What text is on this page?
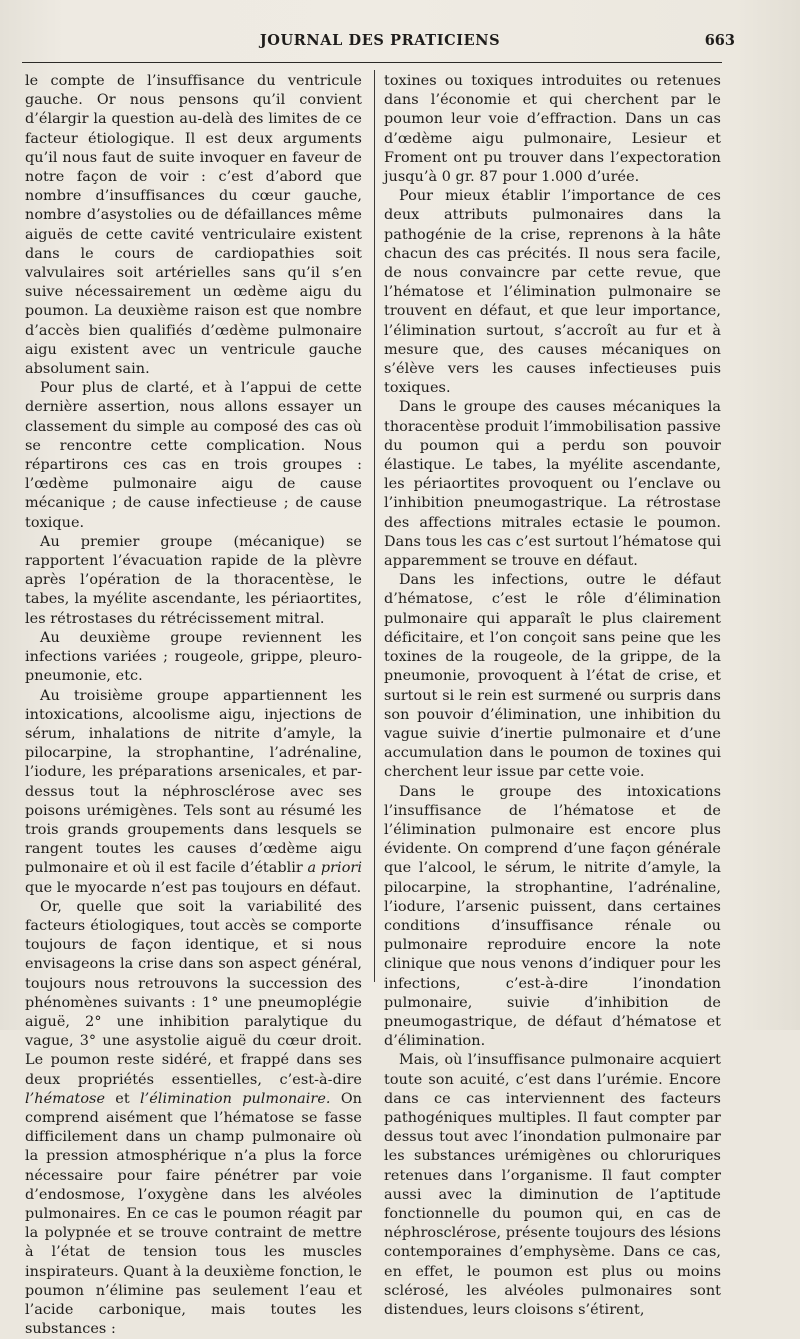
JOURNAL DES PRATICIENS	663

le compte de l’insuffisance du ventricule gauche. Or nous pensons qu’il convient d’élargir la question au-delà des limites de ce facteur étiologique. Il est deux arguments qu’il nous faut de suite invoquer en faveur de notre façon de voir : c’est d’abord que nombre d’insuffisances du cœur gauche, nombre d’asystolies ou de défaillances même aiguës de cette cavité ventriculaire existent dans le cours de cardiopathies soit valvulaires soit artérielles sans qu’il s’en suive nécessairement un œdème aigu du poumon. La deuxième raison est que nombre d’accès bien qualifiés d’œdème pulmonaire aigu existent avec un ventricule gauche absolument sain.

Pour plus de clarté, et à l’appui de cette dernière assertion, nous allons essayer un classement du simple au composé des cas où se rencontre cette complication. Nous répartirons ces cas en trois groupes : l’œdème pulmonaire aigu de cause mécanique ; de cause infectieuse ; de cause toxique.

Au premier groupe (mécanique) se rapportent l’évacuation rapide de la plèvre après l’opération de la thoracentèse, le tabes, la myélite ascendante, les périaortites, les rétrostases du rétrécissement mitral.

Au deuxième groupe reviennent les infections variées ; rougeole, grippe, pleuro-pneumonie, etc.

Au troisième groupe appartiennent les intoxications, alcoolisme aigu, injections de sérum, inhalations de nitrite d’amyle, la pilocarpine, la strophantine, l’adrénaline, l’iodure, les préparations arsenicales, et par-dessus tout la néphrosclérose avec ses poisons urémigènes. Tels sont au résumé les trois grands groupements dans lesquels se rangent toutes les causes d’œdème aigu pulmonaire et où il est facile d’établir a priori que le myocarde n’est pas toujours en défaut.

Or, quelle que soit la variabilité des facteurs étiologiques, tout accès se comporte toujours de façon identique, et si nous envisageons la crise dans son aspect général, toujours nous retrouvons la succession des phénomènes suivants : 1° une pneumoplégie aiguë, 2° une inhibition paralytique du vague, 3° une asystolie aiguë du cœur droit. Le poumon reste sidéré, et frappé dans ses deux propriétés essentielles, c’est-à-dire l’hématose et l’élimination pulmonaire. On comprend aisément que l’hématose se fasse difficilement dans un champ pulmonaire où la pression atmosphérique n’a plus la force nécessaire pour faire pénétrer par voie d’endosmose, l’oxygène dans les alvéoles pulmonaires. En ce cas le poumon réagit par la polypnée et se trouve contraint de mettre à l’état de tension tous les muscles inspirateurs. Quant à la deuxième fonction, le poumon n’élimine pas seulement l’eau et l’acide carbonique, mais toutes les substances :

toxines ou toxiques introduites ou retenues dans l’économie et qui cherchent par le poumon leur voie d’effraction. Dans un cas d’œdème aigu pulmonaire, Lesieur et Froment ont pu trouver dans l’expectoration jusqu’à 0 gr. 87 pour 1.000 d’urée.

Pour mieux établir l’importance de ces deux attributs pulmonaires dans la pathogénie de la crise, reprenons à la hâte chacun des cas précités. Il nous sera facile, de nous convaincre par cette revue, que l’hématose et l’élimination pulmonaire se trouvent en défaut, et que leur importance, l’élimination surtout, s’accroît au fur et à mesure que, des causes mécaniques on s’élève vers les causes infectieuses puis toxiques.

Dans le groupe des causes mécaniques la thoracentèse produit l’immobilisation passive du poumon qui a perdu son pouvoir élastique. Le tabes, la myélite ascendante, les périaortites provoquent ou l’enclave ou l’inhibition pneumogastrique. La rétrostase des affections mitrales ectasie le poumon. Dans tous les cas c’est surtout l’hématose qui apparemment se trouve en défaut.

Dans les infections, outre le défaut d’hématose, c’est le rôle d’élimination pulmonaire qui apparaît le plus clairement déficitaire, et l’on conçoit sans peine que les toxines de la rougeole, de la grippe, de la pneumonie, provoquent à l’état de crise, et surtout si le rein est surmené ou surpris dans son pouvoir d’élimination, une inhibition du vague suivie d’inertie pulmonaire et d’une accumulation dans le poumon de toxines qui cherchent leur issue par cette voie.

Dans le groupe des intoxications l’insuffisance de l’hématose et de l’élimination pulmonaire est encore plus évidente. On comprend d’une façon générale que l’alcool, le sérum, le nitrite d’amyle, la pilocarpine, la strophantine, l’adrénaline, l’iodure, l’arsenic puissent, dans certaines conditions d’insuffisance rénale ou pulmonaire reproduire encore la note clinique que nous venons d’indiquer pour les infections, c’est-à-dire l’inondation pulmonaire, suivie d’inhibition de pneumogastrique, de défaut d’hématose et d’élimination.

Mais, où l’insuffisance pulmonaire acquiert toute son acuité, c’est dans l’urémie. Encore dans ce cas interviennent des facteurs pathogéniques multiples. Il faut compter par dessus tout avec l’inondation pulmonaire par les substances urémigènes ou chloruriques retenues dans l’organisme. Il faut compter aussi avec la diminution de l’aptitude fonctionnelle du poumon qui, en cas de néphrosclérose, présente toujours des lésions contemporaines d’emphysème. Dans ce cas, en effet, le poumon est plus ou moins sclérosé, les alvéoles pulmonaires sont distendues, leurs cloisons s’étirent,
